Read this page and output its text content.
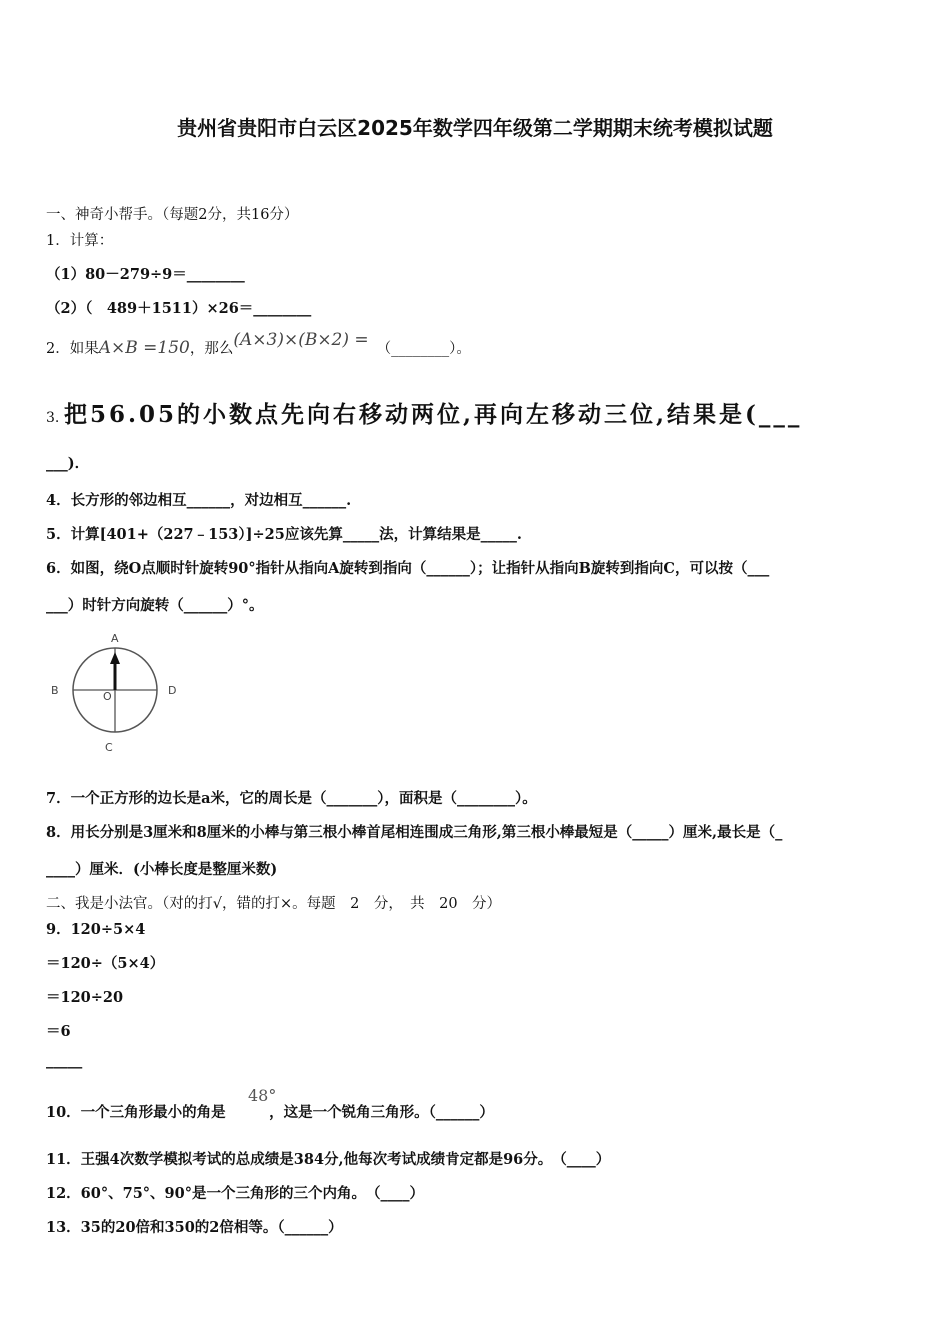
贵州省贵阳市白云区2025年数学四年级第二学期期末统考模拟试题
一、神奇小帮手。（每题2分，共16分）
1．计算：
（1）80－279÷9＝________
（2）（　489＋1511）×26＝________
2．如果A×B =150，那么(A×3)×(B×2) = （________）。
3. 把56.05的小数点先向右移动两位,再向左移动三位,结果是(___
___)．
4．长方形的邻边相互______，对边相互______.
5．计算[401+（227﹣153）]÷25应该先算_____法，计算结果是_____.
6．如图，绕O点顺时针旋转90°指针从指向A旋转到指向（______）；让指针从指向B旋转到指向C，可以按（___
___）时针方向旋转（______）°。
A
B	D
C
O
7．一个正方形的边长是a米，它的周长是（_______），面积是（________）。
8．用长分别是3厘米和8厘米的小棒与第三根小棒首尾相连围成三角形,第三根小棒最短是（_____）厘米,最长是（_
____）厘米．(小棒长度是整厘米数)
二、我是小法官。（对的打√，错的打×。每题　2　分，　共　20　分）
9．120÷5×4
＝120÷（5×4）
＝120÷20
＝6
_____
10．一个三角形最小的角是　　　，这是一个锐角三角形。（______）
48°
11．王强4次数学模拟考试的总成绩是384分,他每次考试成绩肯定都是96分。　（____）
12．60°、75°、90°是一个三角形的三个内角。　（____）
13．35的20倍和350的2倍相等。（______）
